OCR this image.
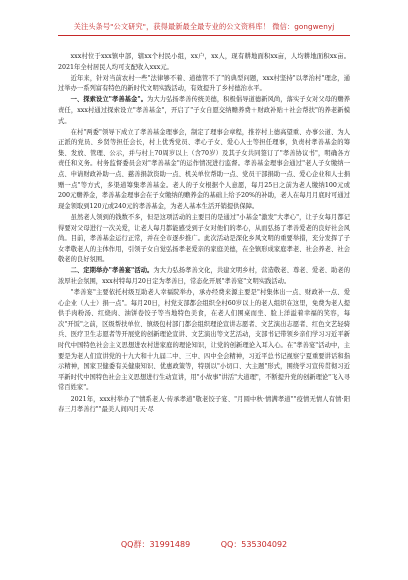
关注头条号"公文研究"，获得最新最全最专业的公文资料库！ 微信：gongwenyj

xxx村位于xxx镇中部，辖xx个村民小组，xx户，xx人，现有耕地面积xx亩，人均耕地面积xx亩。2021年全村居民人均可支配收入xxx元。

近年来，针对当前农村一些"法律够不着、道德管不了"的典型问题，xxx村坚持"以孝治村"理念，通过举办一系列富有特色的新时代文明实践活动，有效提升了乡村德治水平。

一、探索设立"孝善基金"。为大力弘扬孝善传统美德，积极倡导道德新风尚，落实子女对父母的赡养责任，xxx村通过探索设立"孝善基金"，开启了"子女自愿交纳赡养费＋财政补贴＋社会帮扶"的养老新模式。

在村"两委"领导下成立了孝善基金理事会，制定了理事会章程，推荐村上德高望重、办事公道、为人正派的党员、乡贤等担任会长，村上优秀党员、孝心子女、爱心人士等担任理事，负责村孝善基金的筹集、发放、管理、公示，并与村上70周岁以上（含70岁）及其子女共同签订了"孝善协议书"，明确各方责任和义务。村务监督委员会对"孝善基金"的运作情况进行监督。孝善基金理事会通过"老人子女缴纳一点、申请财政补助一点、慈善捐款资助一点、机关单位帮助一点、党员干部捐助一点、爱心企业和人士捐赠一点"等方式，多渠道筹集孝善基金。老人的子女根据个人意愿，每月25日之前为老人缴纳100元或200元赡养金，孝善基金理事会在子女缴纳的赡养金的基础上给予20%的补助，老人在每月月底时可通过现金领取到120元或240元的孝善基金，为老人基本生活开销提供保障。

虽然老人领到的钱数不多，但是这项活动的主要目的是通过"小基金"激发"大孝心"，让子女每月都记得要对父母进行一次关爱，让老人每月都能感受到子女对他们的孝心，从而弘扬了孝善爱老的良好社会风尚。目前，孝善基金运行正常，并在全市逐步推广。此次活动是深化乡风文明的重要举措，充分发挥了子女孝敬老人的主体作用，引领子女自觉弘扬孝老爱亲的家庭美德，在全镇形成家庭孝老、社会养老、社会敬老的良好氛围。

二、定期举办"孝善宴"活动。为大力弘扬孝善文化，共建文明乡村，营造敬老、尊老、爱老、助老的浓厚社会氛围，xxx村特每月20日定为孝善日，常态化开展"孝善宴"文明实践活动。

"孝善宴"主要依托村级互助老人幸福院举办，承办经费来源主要是"村集体出一点、财政补一点、爱心企业（人士）捐一点"。每月20日，村党支部都会组织全村60岁以上的老人组织在这里，免费为老人提供手肉粉汤、红烧肉、油饼卷饺子等当地特色美食，在老人们围桌而坐、脸上洋溢着幸福的笑容，每次"开饭"之前，区级帮扶单位、镇级包村部门都会组织理论宣讲志愿者、文艺演出志愿者、红色文艺轻骑兵、医疗卫生志愿者等开展党的创新理论宣讲、文艺演出等文艺活动，支部书记带领乡亲们学习习近平新时代中国特色社会主义思想进农村进家庭的理论知识，让党的创新理论入耳入心。在"孝善宴"活动中，主要是为老人们宣讲党的十九大和十九届二中、三中、四中全会精神，习近平总书记视察宁夏重要讲话和指示精神，国家卫健委有关健康知识、优惠政策等，特别以"小切口、大主题"形式，围绕学习宣传贯彻习近平新时代中国特色社会主义思想进行生动宣讲，用"小故事"讲活"大道理"，不断提升党的创新理论"飞入寻常百姓家"。

2021年，xxx村举办了"情系老人·传承孝道"敬老饺子宴、"月圆中秋·情满孝道""疫情无情人有情·阳春三月孝善行""最美人间四月天·尽

QQ群：31991489	QQ：535304092
